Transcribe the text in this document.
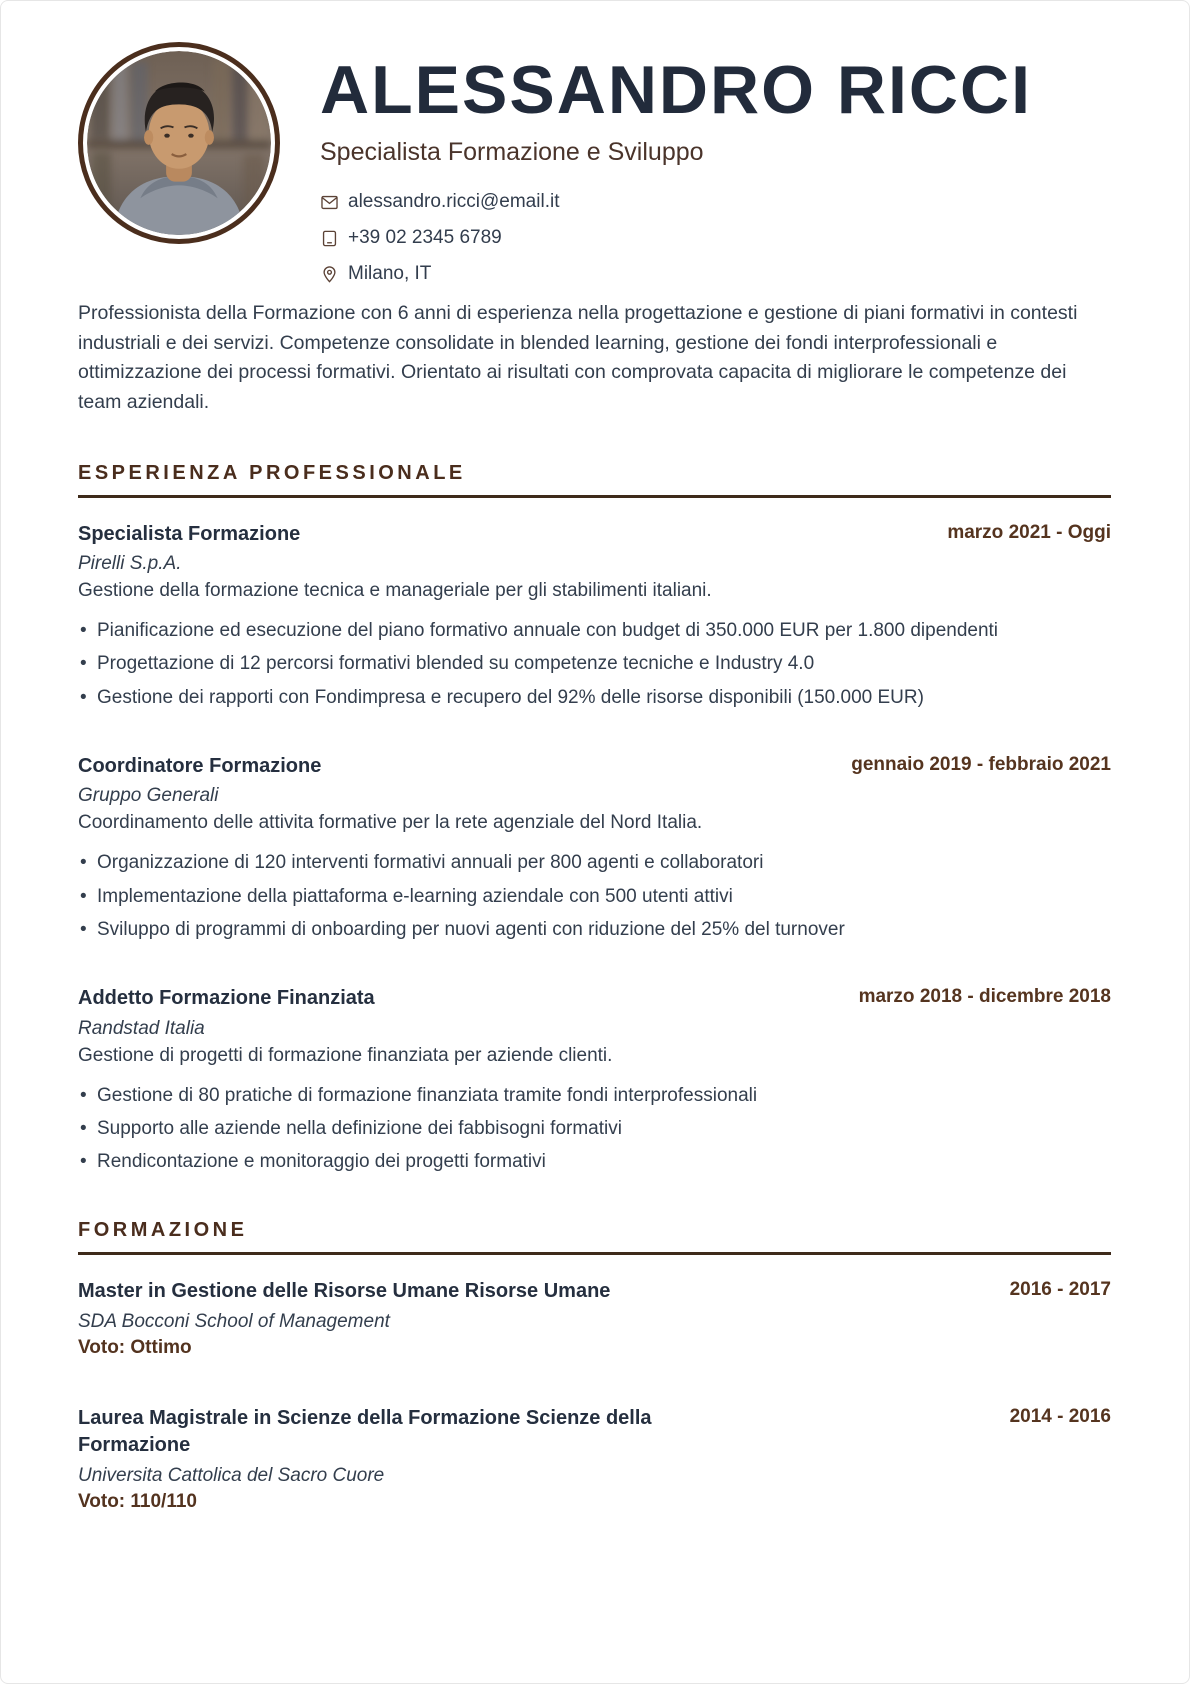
ALESSANDRO RICCI
Specialista Formazione e Sviluppo
alessandro.ricci@email.it
+39 02 2345 6789
Milano, IT
Professionista della Formazione con 6 anni di esperienza nella progettazione e gestione di piani formativi in contesti industriali e dei servizi. Competenze consolidate in blended learning, gestione dei fondi interprofessionali e ottimizzazione dei processi formativi. Orientato ai risultati con comprovata capacita di migliorare le competenze dei team aziendali.
ESPERIENZA PROFESSIONALE
Specialista Formazione	marzo 2021 - Oggi
Pirelli S.p.A.
Gestione della formazione tecnica e manageriale per gli stabilimenti italiani.
• Pianificazione ed esecuzione del piano formativo annuale con budget di 350.000 EUR per 1.800 dipendenti
• Progettazione di 12 percorsi formativi blended su competenze tecniche e Industry 4.0
• Gestione dei rapporti con Fondimpresa e recupero del 92% delle risorse disponibili (150.000 EUR)
Coordinatore Formazione	gennaio 2019 - febbraio 2021
Gruppo Generali
Coordinamento delle attivita formative per la rete agenziale del Nord Italia.
• Organizzazione di 120 interventi formativi annuali per 800 agenti e collaboratori
• Implementazione della piattaforma e-learning aziendale con 500 utenti attivi
• Sviluppo di programmi di onboarding per nuovi agenti con riduzione del 25% del turnover
Addetto Formazione Finanziata	marzo 2018 - dicembre 2018
Randstad Italia
Gestione di progetti di formazione finanziata per aziende clienti.
• Gestione di 80 pratiche di formazione finanziata tramite fondi interprofessionali
• Supporto alle aziende nella definizione dei fabbisogni formativi
• Rendicontazione e monitoraggio dei progetti formativi
FORMAZIONE
Master in Gestione delle Risorse Umane Risorse Umane	2016 - 2017
SDA Bocconi School of Management
Voto: Ottimo
Laurea Magistrale in Scienze della Formazione Scienze della Formazione
2014 - 2016
Universita Cattolica del Sacro Cuore
Voto: 110/110
